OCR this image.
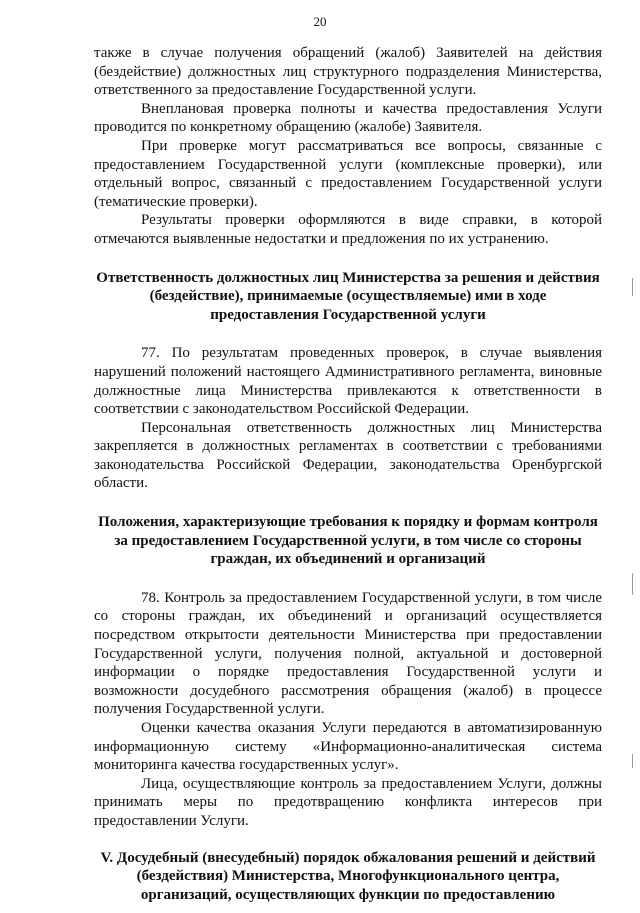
20

также в случае получения обращений (жалоб) Заявителей на действия (бездействие) должностных лиц структурного подразделения Министерства, ответственного за предоставление Государственной услуги.

Внеплановая проверка полноты и качества предоставления Услуги проводится по конкретному обращению (жалобе) Заявителя.

При проверке могут рассматриваться все вопросы, связанные с предоставлением Государственной услуги (комплексные проверки), или отдельный вопрос, связанный с предоставлением Государственной услуги (тематические проверки).

Результаты проверки оформляются в виде справки, в которой отмечаются выявленные недостатки и предложения по их устранению.

Ответственность должностных лиц Министерства за решения и действия (бездействие), принимаемые (осуществляемые) ими в ходе предоставления Государственной услуги

77. По результатам проведенных проверок, в случае выявления нарушений положений настоящего Административного регламента, виновные должностные лица Министерства привлекаются к ответственности в соответствии с законодательством Российской Федерации.

Персональная ответственность должностных лиц Министерства закрепляется в должностных регламентах в соответствии с требованиями законодательства Российской Федерации, законодательства Оренбургской области.

Положения, характеризующие требования к порядку и формам контроля за предоставлением Государственной услуги, в том числе со стороны граждан, их объединений и организаций

78. Контроль за предоставлением Государственной услуги, в том числе со стороны граждан, их объединений и организаций осуществляется посредством открытости деятельности Министерства при предоставлении Государственной услуги, получения полной, актуальной и достоверной информации о порядке предоставления Государственной услуги и возможности досудебного рассмотрения обращения (жалоб) в процессе получения Государственной услуги.

Оценки качества оказания Услуги передаются в автоматизированную информационную систему «Информационно-аналитическая система мониторинга качества государственных услуг».

Лица, осуществляющие контроль за предоставлением Услуги, должны принимать меры по предотвращению конфликта интересов при предоставлении Услуги.

V. Досудебный (внесудебный) порядок обжалования решений и действий (бездействия) Министерства, Многофункционального центра, организаций, осуществляющих функции по предоставлению
